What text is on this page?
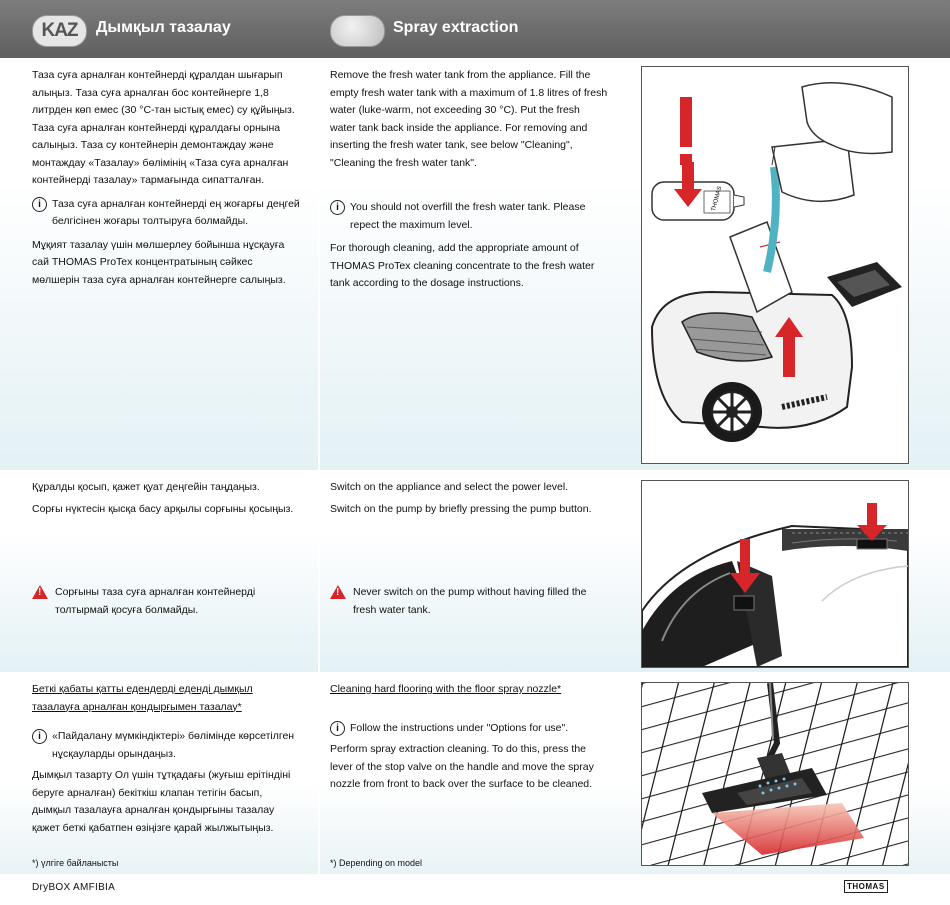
KAZ	Дымқыл тазалау	Spray extraction

Таза суға арналған контейнерді құралдан шығарып алыңыз. Таза суға арналған бос контейнерге 1,8 литрден көп емес (30 °C-тан ыстық емес) су құйыңыз. Таза суға арналған контейнерді құралдағы орнына салыңыз. Таза су контейнерін демонтаждау және монтаждау «Тазалау» бөлімінің «Таза суға арналған контейнерді тазалау» тармағында сипатталған.

i	Таза суға арналған контейнерді ең жоғарғы деңгей белгісінен жоғары толтыруға болмайды.

Мұқият тазалау үшін мөлшерлеу бойынша нұсқауға сай THOMAS ProTex концентратының сәйкес мөлшерін таза суға арналған контейнерге салыңыз.

Remove the fresh water tank from the appliance. Fill the empty fresh water tank with a maximum of 1.8 litres of fresh water (luke-warm, not exceeding 30 °C). Put the fresh water tank back inside the appliance. For removing and inserting the fresh water tank, see below "Cleaning", "Cleaning the fresh water tank".

i	You should not overfill the fresh water tank. Please repect the maximum level.

For thorough cleaning, add the appropriate amount of THOMAS ProTex cleaning concentrate to the fresh water tank according to the dosage instructions.

THOMAS

Құралды қосып, қажет қуат деңгейін таңдаңыз.

Сорғы нүктесін қысқа басу арқылы сорғыны қосыңыз.

! Сорғыны таза суға арналған контейнерді толтырмай қосуға болмайды.

Switch on the appliance and select the power level.

Switch on the pump by briefly pressing the pump button.

! Never switch on the pump without having filled the fresh water tank.

Беткі қабаты қатты едендерді еденді дымқыл тазалауға арналған қондырғымен тазалау*

i	«Пайдалану мүмкіндіктері» бөлімінде көрсетілген нұсқауларды орындаңыз.

Дымқыл тазарту Ол үшін тұтқадағы (жуғыш ерітіндіні беруге арналған) бекіткіш клапан тетігін басып, дымқыл тазалауға арналған қондырғыны тазалау қажет беткі қабатпен өзіңізге қарай жылжытыңыз.

*) үлгіге байланысты

Cleaning hard flooring with the floor spray nozzle*

i	Follow the instructions under "Options for use".

Perform spray extraction cleaning. To do this, press the lever of the stop valve on the handle and move the spray nozzle from front to back over the surface to be cleaned.

*) Depending on model
DryBOX AMFIBIA	THOMAS
